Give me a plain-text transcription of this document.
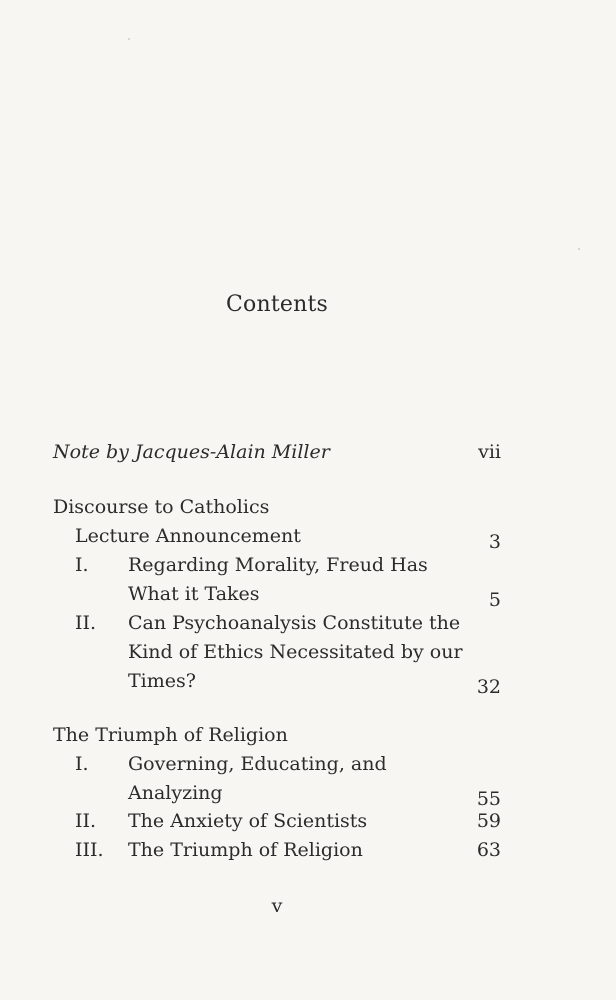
Contents
Note by Jacques-Alain Miller	vii
Discourse to Catholics
Lecture Announcement	3
I. Regarding Morality, Freud Has
What it Takes	5
II. Can Psychoanalysis Constitute the
Kind of Ethics Necessitated by our
Times?	32
The Triumph of Religion
I. Governing, Educating, and
Analyzing	55
II. The Anxiety of Scientists	59
III. The Triumph of Religion	63
v
